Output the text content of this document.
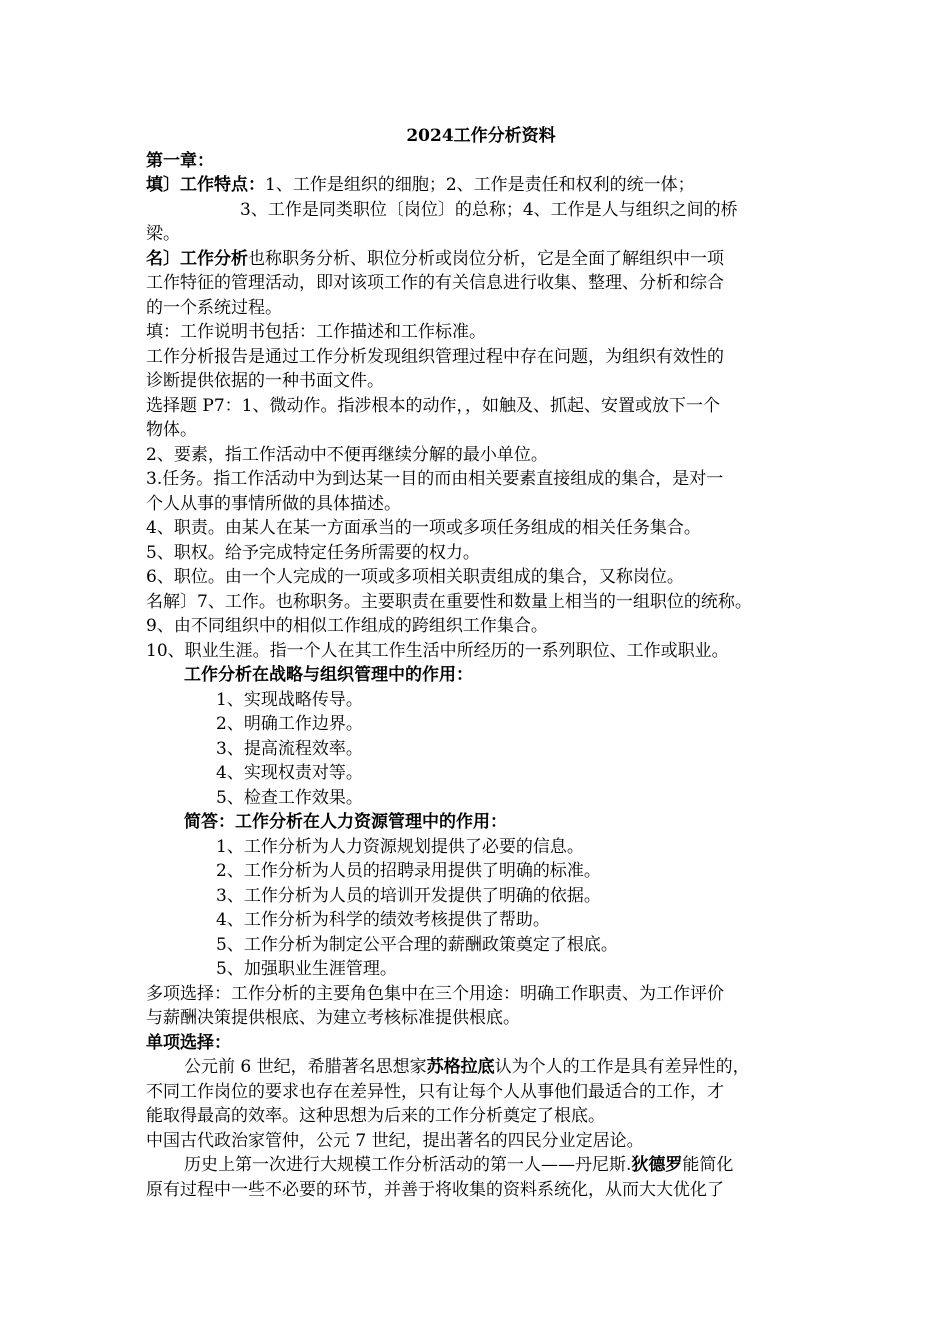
2024工作分析资料
第一章：
填〕工作特点：1、工作是组织的细胞；2、工作是责任和权利的统一体；
3、工作是同类职位〔岗位〕的总称；4、工作是人与组织之间的桥
梁。
名〕工作分析也称职务分析、职位分析或岗位分析，它是全面了解组织中一项
工作特征的管理活动，即对该项工作的有关信息进行收集、整理、分析和综合
的一个系统过程。
填：工作说明书包括：工作描述和工作标准。
工作分析报告是通过工作分析发现组织管理过程中存在问题，为组织有效性的
诊断提供依据的一种书面文件。
选择题 P7：1、微动作。指涉根本的动作，，如触及、抓起、安置或放下一个
物体。
2、要素，指工作活动中不便再继续分解的最小单位。
3.任务。指工作活动中为到达某一目的而由相关要素直接组成的集合，是对一
个人从事的事情所做的具体描述。
4、职责。由某人在某一方面承当的一项或多项任务组成的相关任务集合。
5、职权。给予完成特定任务所需要的权力。
6、职位。由一个人完成的一项或多项相关职责组成的集合，又称岗位。
名解〕7、工作。也称职务。主要职责在重要性和数量上相当的一组职位的统称。
9、由不同组织中的相似工作组成的跨组织工作集合。
10、职业生涯。指一个人在其工作生活中所经历的一系列职位、工作或职业。
工作分析在战略与组织管理中的作用：
1、实现战略传导。
2、明确工作边界。
3、提高流程效率。
4、实现权责对等。
5、检查工作效果。
简答：工作分析在人力资源管理中的作用：
1、工作分析为人力资源规划提供了必要的信息。
2、工作分析为人员的招聘录用提供了明确的标准。
3、工作分析为人员的培训开发提供了明确的依据。
4、工作分析为科学的绩效考核提供了帮助。
5、工作分析为制定公平合理的薪酬政策奠定了根底。
5、加强职业生涯管理。
多项选择：工作分析的主要角色集中在三个用途：明确工作职责、为工作评价
与薪酬决策提供根底、为建立考核标准提供根底。
单项选择：
公元前 6 世纪，希腊著名思想家苏格拉底认为个人的工作是具有差异性的，
不同工作岗位的要求也存在差异性，只有让每个人从事他们最适合的工作，才
能取得最高的效率。这种思想为后来的工作分析奠定了根底。
中国古代政治家管仲，公元 7 世纪，提出著名的四民分业定居论。
历史上第一次进行大规模工作分析活动的第一人——丹尼斯.狄德罗能简化
原有过程中一些不必要的环节，并善于将收集的资料系统化，从而大大优化了
